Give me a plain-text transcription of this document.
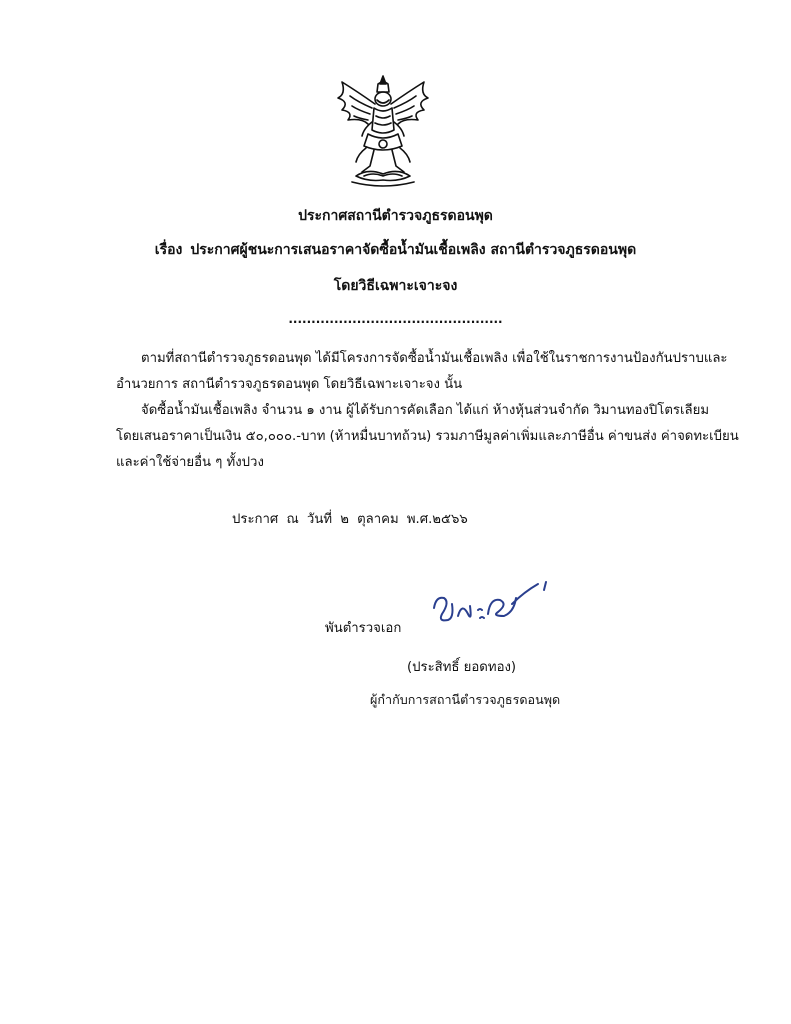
ประกาศสถานีตำรวจภูธรดอนพุด
เรื่อง ประกาศผู้ชนะการเสนอราคาจัดซื้อน้ำมันเชื้อเพลิง สถานีตำรวจภูธรดอนพุด
โดยวิธีเฉพาะเจาะจง
...............................................
ตามที่สถานีตำรวจภูธรดอนพุด ได้มีโครงการจัดซื้อน้ำมันเชื้อเพลิง เพื่อใช้ในราชการงานป้องกันปราบและ
อำนวยการ สถานีตำรวจภูธรดอนพุด โดยวิธีเฉพาะเจาะจง นั้น
จัดซื้อน้ำมันเชื้อเพลิง จำนวน ๑ งาน ผู้ได้รับการคัดเลือก ได้แก่ ห้างหุ้นส่วนจำกัด วิมานทองปิโตรเลียม
โดยเสนอราคาเป็นเงิน ๕๐,๐๐๐.-บาท (ห้าหมื่นบาทถ้วน) รวมภาษีมูลค่าเพิ่มและภาษีอื่น ค่าขนส่ง ค่าจดทะเบียน
และค่าใช้จ่ายอื่น ๆ ทั้งปวง
ประกาศ ณ วันที่ ๒ ตุลาคม พ.ศ.๒๕๖๖
พันตำรวจเอก
(ประสิทธิ์ ยอดทอง)
ผู้กำกับการสถานีตำรวจภูธรดอนพุด
